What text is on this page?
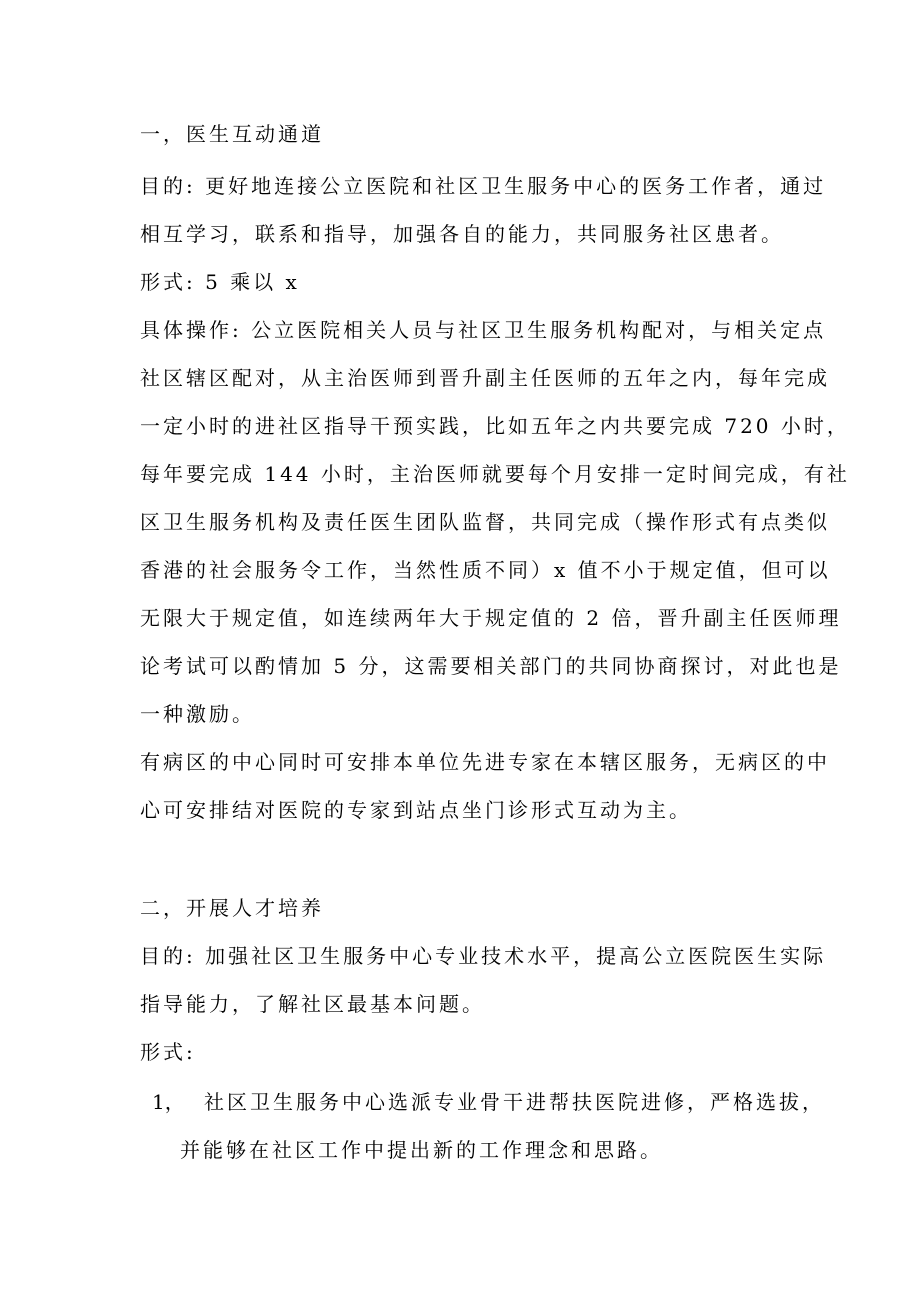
一，医生互动通道
目的: 更好地连接公立医院和社区卫生服务中心的医务工作者，通过
相互学习，联系和指导，加强各自的能力，共同服务社区患者。
形式: 5 乘以 x
具体操作: 公立医院相关人员与社区卫生服务机构配对，与相关定点
社区辖区配对，从主治医师到晋升副主任医师的五年之内，每年完成
一定小时的进社区指导干预实践，比如五年之内共要完成 720 小时，
每年要完成 144 小时，主治医师就要每个月安排一定时间完成，有社
区卫生服务机构及责任医生团队监督，共同完成（操作形式有点类似
香港的社会服务令工作，当然性质不同）x 值不小于规定值，但可以
无限大于规定值，如连续两年大于规定值的 2 倍，晋升副主任医师理
论考试可以酌情加 5 分，这需要相关部门的共同协商探讨，对此也是
一种激励。
有病区的中心同时可安排本单位先进专家在本辖区服务，无病区的中
心可安排结对医院的专家到站点坐门诊形式互动为主。
二，开展人才培养
目的: 加强社区卫生服务中心专业技术水平，提高公立医院医生实际
指导能力，了解社区最基本问题。
形式:
1， 社区卫生服务中心选派专业骨干进帮扶医院进修，严格选拔，
并能够在社区工作中提出新的工作理念和思路。
